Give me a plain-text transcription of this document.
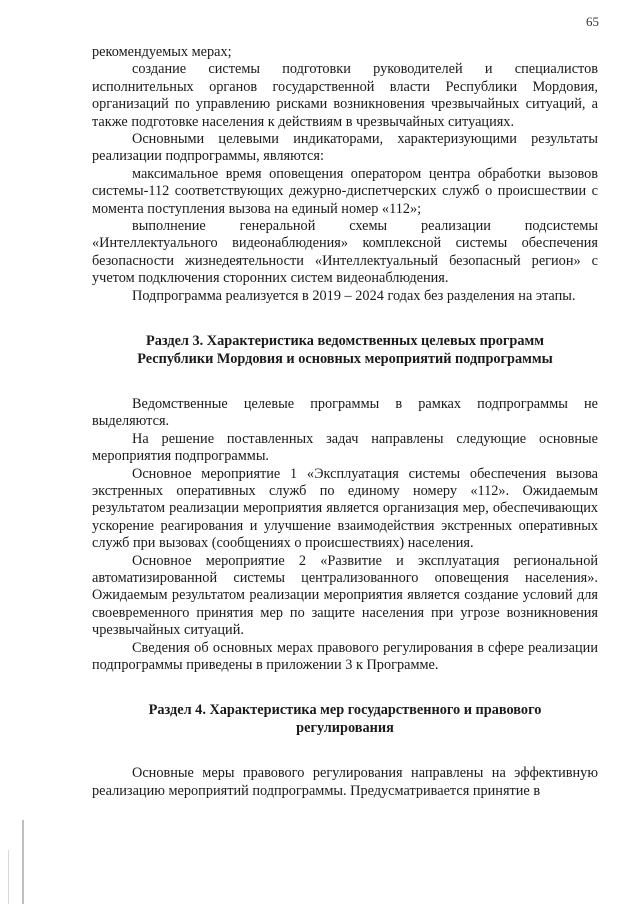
65

рекомендуемых мерах;

создание системы подготовки руководителей и специалистов исполнительных органов государственной власти Республики Мордовия, организаций по управлению рисками возникновения чрезвычайных ситуаций, а также подготовке населения к действиям в чрезвычайных ситуациях.

Основными целевыми индикаторами, характеризующими результаты реализации подпрограммы, являются:

максимальное время оповещения оператором центра обработки вызовов системы-112 соответствующих дежурно-диспетчерских служб о происшествии с момента поступления вызова на единый номер «112»;

выполнение генеральной схемы реализации подсистемы «Интеллектуального видеонаблюдения» комплексной системы обеспечения безопасности жизнедеятельности «Интеллектуальный безопасный регион» с учетом подключения сторонних систем видеонаблюдения.

Подпрограмма реализуется в 2019 – 2024 годах без разделения на этапы.

Раздел 3. Характеристика ведомственных целевых программ

Республики Мордовия и основных мероприятий подпрограммы

Ведомственные целевые программы в рамках подпрограммы не выделяются.

На решение поставленных задач направлены следующие основные мероприятия подпрограммы.

Основное мероприятие 1 «Эксплуатация системы обеспечения вызова экстренных оперативных служб по единому номеру «112». Ожидаемым результатом реализации мероприятия является организация мер, обеспечивающих ускорение реагирования и улучшение взаимодействия экстренных оперативных служб при вызовах (сообщениях о происшествиях) населения.

Основное мероприятие 2 «Развитие и эксплуатация региональной автоматизированной системы централизованного оповещения населения». Ожидаемым результатом реализации мероприятия является создание условий для своевременного принятия мер по защите населения при угрозе возникновения чрезвычайных ситуаций.

Сведения об основных мерах правового регулирования в сфере реализации подпрограммы приведены в приложении 3 к Программе.

Раздел 4. Характеристика мер государственного и правового

регулирования

Основные меры правового регулирования направлены на эффективную реализацию мероприятий подпрограммы. Предусматривается принятие в
